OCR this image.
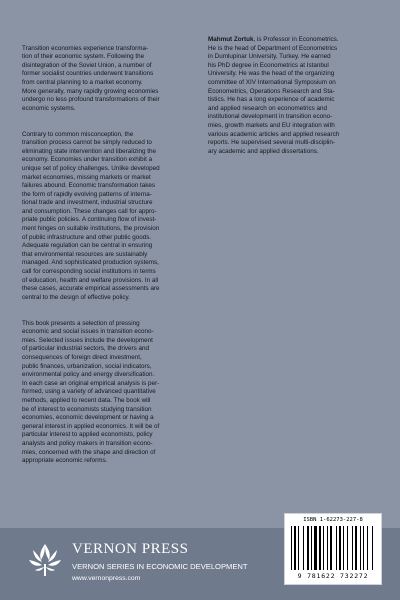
Transition economies experience transforma-
tion of their economic system. Following the
disintegration of the Soviet Union, a number of
former socialist countries underwent transitions
from central planning to a market economy.
More generally, many rapidly growing economies
undergo no less profound transformations of their
economic systems.

Contrary to common misconception, the
transition process cannot be simply reduced to
eliminating state intervention and liberalizing the
economy. Economies under transition exhibit a
unique set of policy challenges. Unlike developed
market economies, missing markets or market
failures abound. Economic transformation takes
the form of rapidly evolving patterns of interna-
tional trade and investment, industrial structure
and consumption. These changes call for appro-
priate public policies. A continuing flow of invest-
ment hinges on suitable institutions, the provision
of public infrastructure and other public goods.
Adequate regulation can be central in ensuring
that environmental resources are sustainably
managed. And sophisticated production systems,
call for corresponding social institutions in terms
of education, health and welfare provisions. In all
these cases, accurate empirical assessments are
central to the design of effective policy.

This book presents a selection of pressing
economic and social issues in transition econo-
mies. Selected issues include the development
of particular industrial sectors, the drivers and
consequences of foreign direct investment,
public finances, urbanization, social indicators,
environmental policy and energy diversification.
In each case an original empirical analysis is per-
formed, using a variety of advanced quantitative
methods, applied to recent data. The book will
be of interest to economists studying transition
economies, economic development or having a
general interest in applied economics. It will be of
particular interest to applied economists, policy
analysts and policy makers in transition econo-
mies, concerned with the shape and direction of
appropriate economic reforms.

Mahmut Zortuk, is Professor in Econometrics.
He is the head of Department of Econometrics
in Dumlupinar University, Turkey. He earned
his PhD degree in Econometrics at Istanbul
University. He was the head of the organizing
committee of XIV International Symposium on
Econometrics, Operations Research and Sta-
tistics. He has a long experience of academic
and applied research on econometrics and
institutional development in transition econo-
mies, growth markets and EU integration with
various academic articles and applied research
reports. He supervised several multi-disciplin-
ary academic and applied dissertations.
VERNON PRESS
VERNON SERIES IN ECONOMIC DEVELOPMENT
www.vernonpress.com
ISBN 1-62273-227-8
9 781622 732272
